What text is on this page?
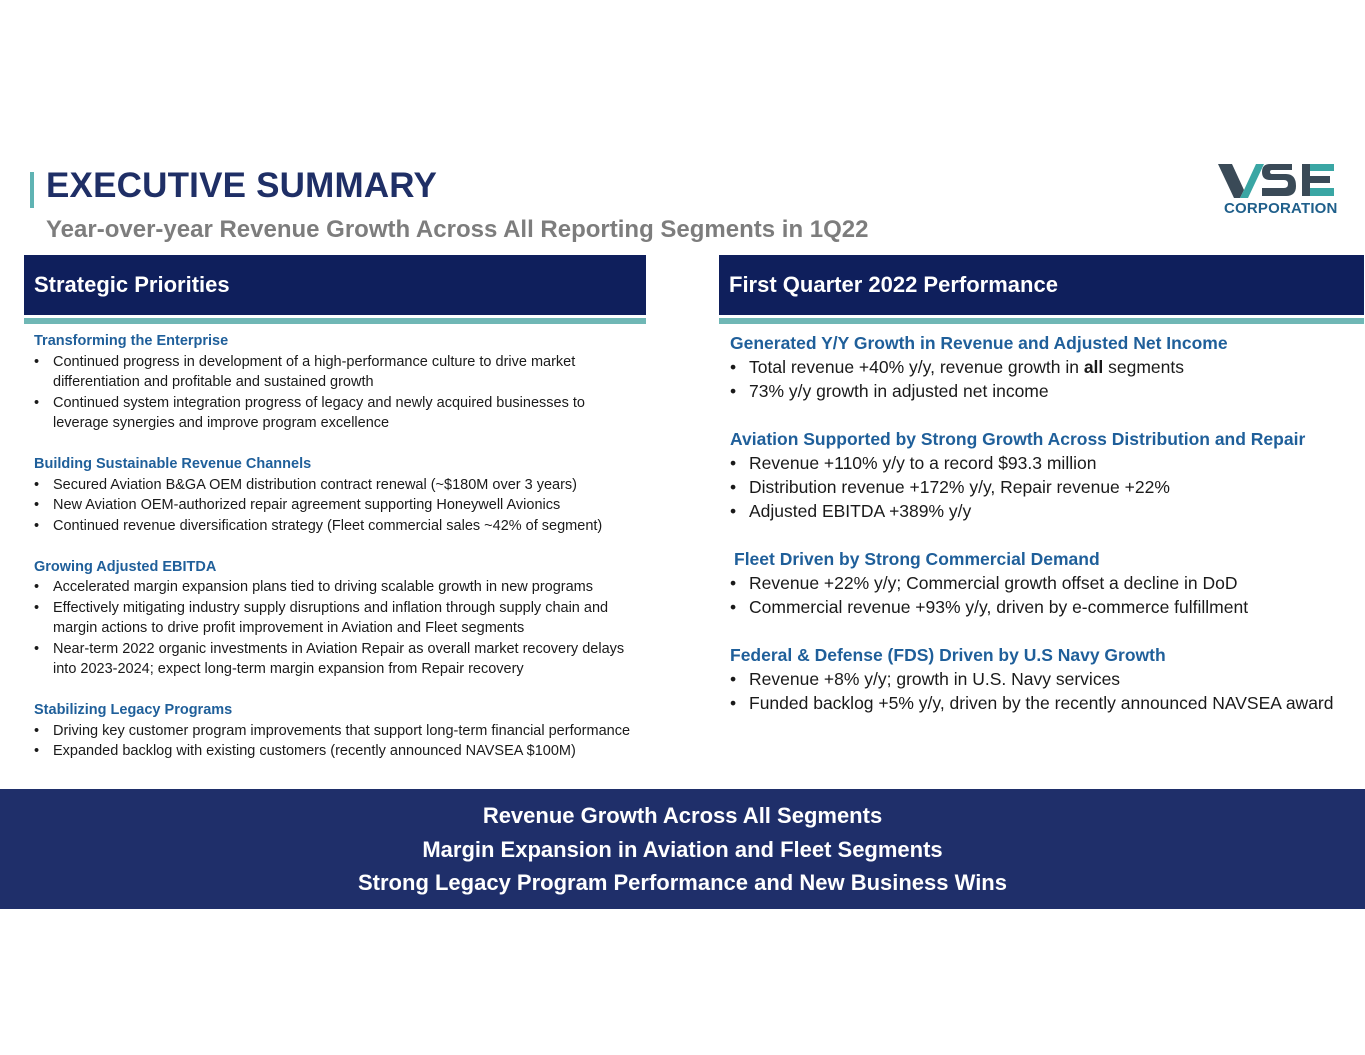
EXECUTIVE SUMMARY
Year-over-year Revenue Growth Across All Reporting Segments in 1Q22
CORPORATION
Strategic Priorities
Transforming the Enterprise
• Continued progress in development of a high-performance culture to drive market differentiation and profitable and sustained growth
• Continued system integration progress of legacy and newly acquired businesses to leverage synergies and improve program excellence
Building Sustainable Revenue Channels
• Secured Aviation B&GA OEM distribution contract renewal (~$180M over 3 years)
• New Aviation OEM-authorized repair agreement supporting Honeywell Avionics
• Continued revenue diversification strategy (Fleet commercial sales ~42% of segment)
Growing Adjusted EBITDA
• Accelerated margin expansion plans tied to driving scalable growth in new programs
• Effectively mitigating industry supply disruptions and inflation through supply chain and margin actions to drive profit improvement in Aviation and Fleet segments
• Near-term 2022 organic investments in Aviation Repair as overall market recovery delays into 2023-2024; expect long-term margin expansion from Repair recovery
Stabilizing Legacy Programs
• Driving key customer program improvements that support long-term financial performance
• Expanded backlog with existing customers (recently announced NAVSEA $100M)
First Quarter 2022 Performance
Generated Y/Y Growth in Revenue and Adjusted Net Income
• Total revenue +40% y/y, revenue growth in all segments
• 73% y/y growth in adjusted net income
Aviation Supported by Strong Growth Across Distribution and Repair
• Revenue +110% y/y to a record $93.3 million
• Distribution revenue +172% y/y, Repair revenue +22%
• Adjusted EBITDA +389% y/y
Fleet Driven by Strong Commercial Demand
• Revenue +22% y/y; Commercial growth offset a decline in DoD
• Commercial revenue +93% y/y, driven by e-commerce fulfillment
Federal & Defense (FDS) Driven by U.S Navy Growth
• Revenue +8% y/y; growth in U.S. Navy services
• Funded backlog +5% y/y, driven by the recently announced NAVSEA award
Revenue Growth Across All Segments
Margin Expansion in Aviation and Fleet Segments
Strong Legacy Program Performance and New Business Wins
